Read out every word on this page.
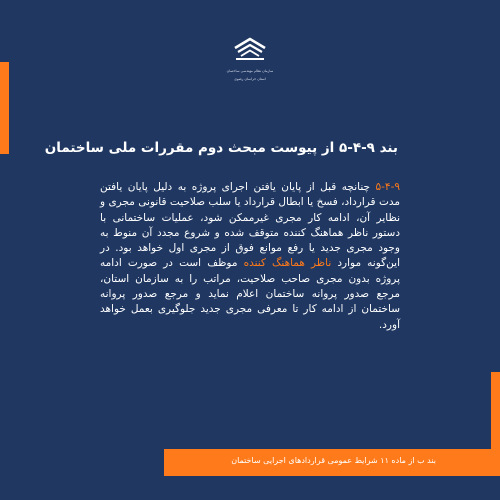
سازمان نظام مهندسی ساختمان
استان خراسان رضوی
بند ۹-۴-۵ از پیوست مبحث دوم مقررات ملی ساختمان
۵-۴-۹ چنانچه قبل از پایان یافتن اجرای پروژه به دلیل پایان یافتن مدت قرارداد، فسخ یا ابطال قرارداد یا سلب صلاحیت قانونی مجری و نظایر آن، ادامه کار مجری غیرممکن شود، عملیات ساختمانی با دستور ناظر هماهنگ کننده متوقف شده و شروع مجدد آن منوط به وجود مجری جدید یا رفع موانع فوق از مجری اول خواهد بود. در این‌گونه موارد ناظر هماهنگ کننده موظف است در صورت ادامه پروژه بدون مجری صاحب صلاحیت، مراتب را به سازمان استان، مرجع صدور پروانه ساختمان اعلام نماید و مرجع صدور پروانه ساختمان از ادامه کار تا معرفی مجری جدید جلوگیری بعمل خواهد آورد.
بند ب از ماده ۱۱ شرایط عمومی قراردادهای اجرایی ساختمان
